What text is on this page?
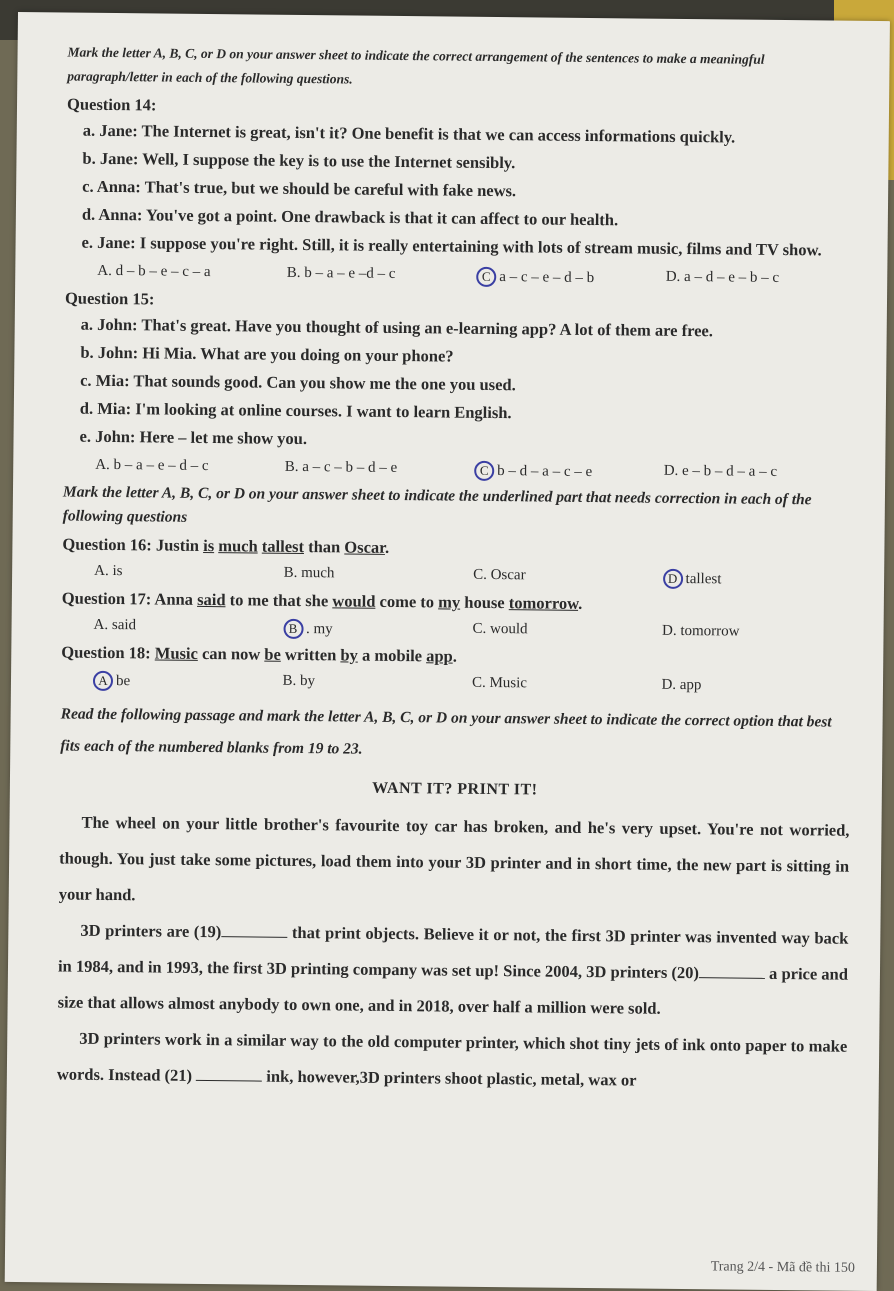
Mark the letter A, B, C, or D on your answer sheet to indicate the correct arrangement of the sentences to make a meaningful paragraph/letter in each of the following questions.

Question 14:
a. Jane: The Internet is great, isn't it? One benefit is that we can access informations quickly.
b. Jane: Well, I suppose the key is to use the Internet sensibly.
c. Anna: That's true, but we should be careful with fake news.
d. Anna: You've got a point. One drawback is that it can affect to our health.
e. Jane: I suppose you're right. Still, it is really entertaining with lots of stream music, films and TV show.
A. d – b – e – c – a	B. b – a – e –d – c	C a – c – e – d – b	D. a – d – e – b – c
Question 15:
a. John: That's great. Have you thought of using an e-learning app? A lot of them are free.
b. John: Hi Mia. What are you doing on your phone?
c. Mia: That sounds good. Can you show me the one you used.
d. Mia: I'm looking at online courses. I want to learn English.
e. John: Here – let me show you.
A. b – a – e – d – c	B. a – c – b – d – e	C b – d – a – c – e	D. e – b – d – a – c

Mark the letter A, B, C, or D on your answer sheet to indicate the underlined part that needs correction in each of the following questions

Question 16: Justin is much tallest than Oscar.
A. is	B. much	C. Oscar	D tallest
Question 17: Anna said to me that she would come to my house tomorrow.
A. said	B . my	C. would	D. tomorrow
Question 18: Music can now be written by a mobile app.
A be	B. by	C. Music	D. app

Read the following passage and mark the letter A, B, C, or D on your answer sheet to indicate the correct option that best fits each of the numbered blanks from 19 to 23.

WANT IT? PRINT IT!

The wheel on your little brother's favourite toy car has broken, and he's very upset. You're not worried, though. You just take some pictures, load them into your 3D printer and in short time, the new part is sitting in your hand.

3D printers are (19)	that print objects. Believe it or not, the first 3D printer was invented way back in 1984, and in 1993, the first 3D printing company was set up! Since 2004, 3D printers (20)	a price and size that allows almost anybody to own one, and in 2018, over half a million were sold.

3D printers work in a similar way to the old computer printer, which shot tiny jets of ink onto paper to make words. Instead (21)	ink, however,3D printers shoot plastic, metal, wax or

Trang 2/4 - Mã đề thi 150
